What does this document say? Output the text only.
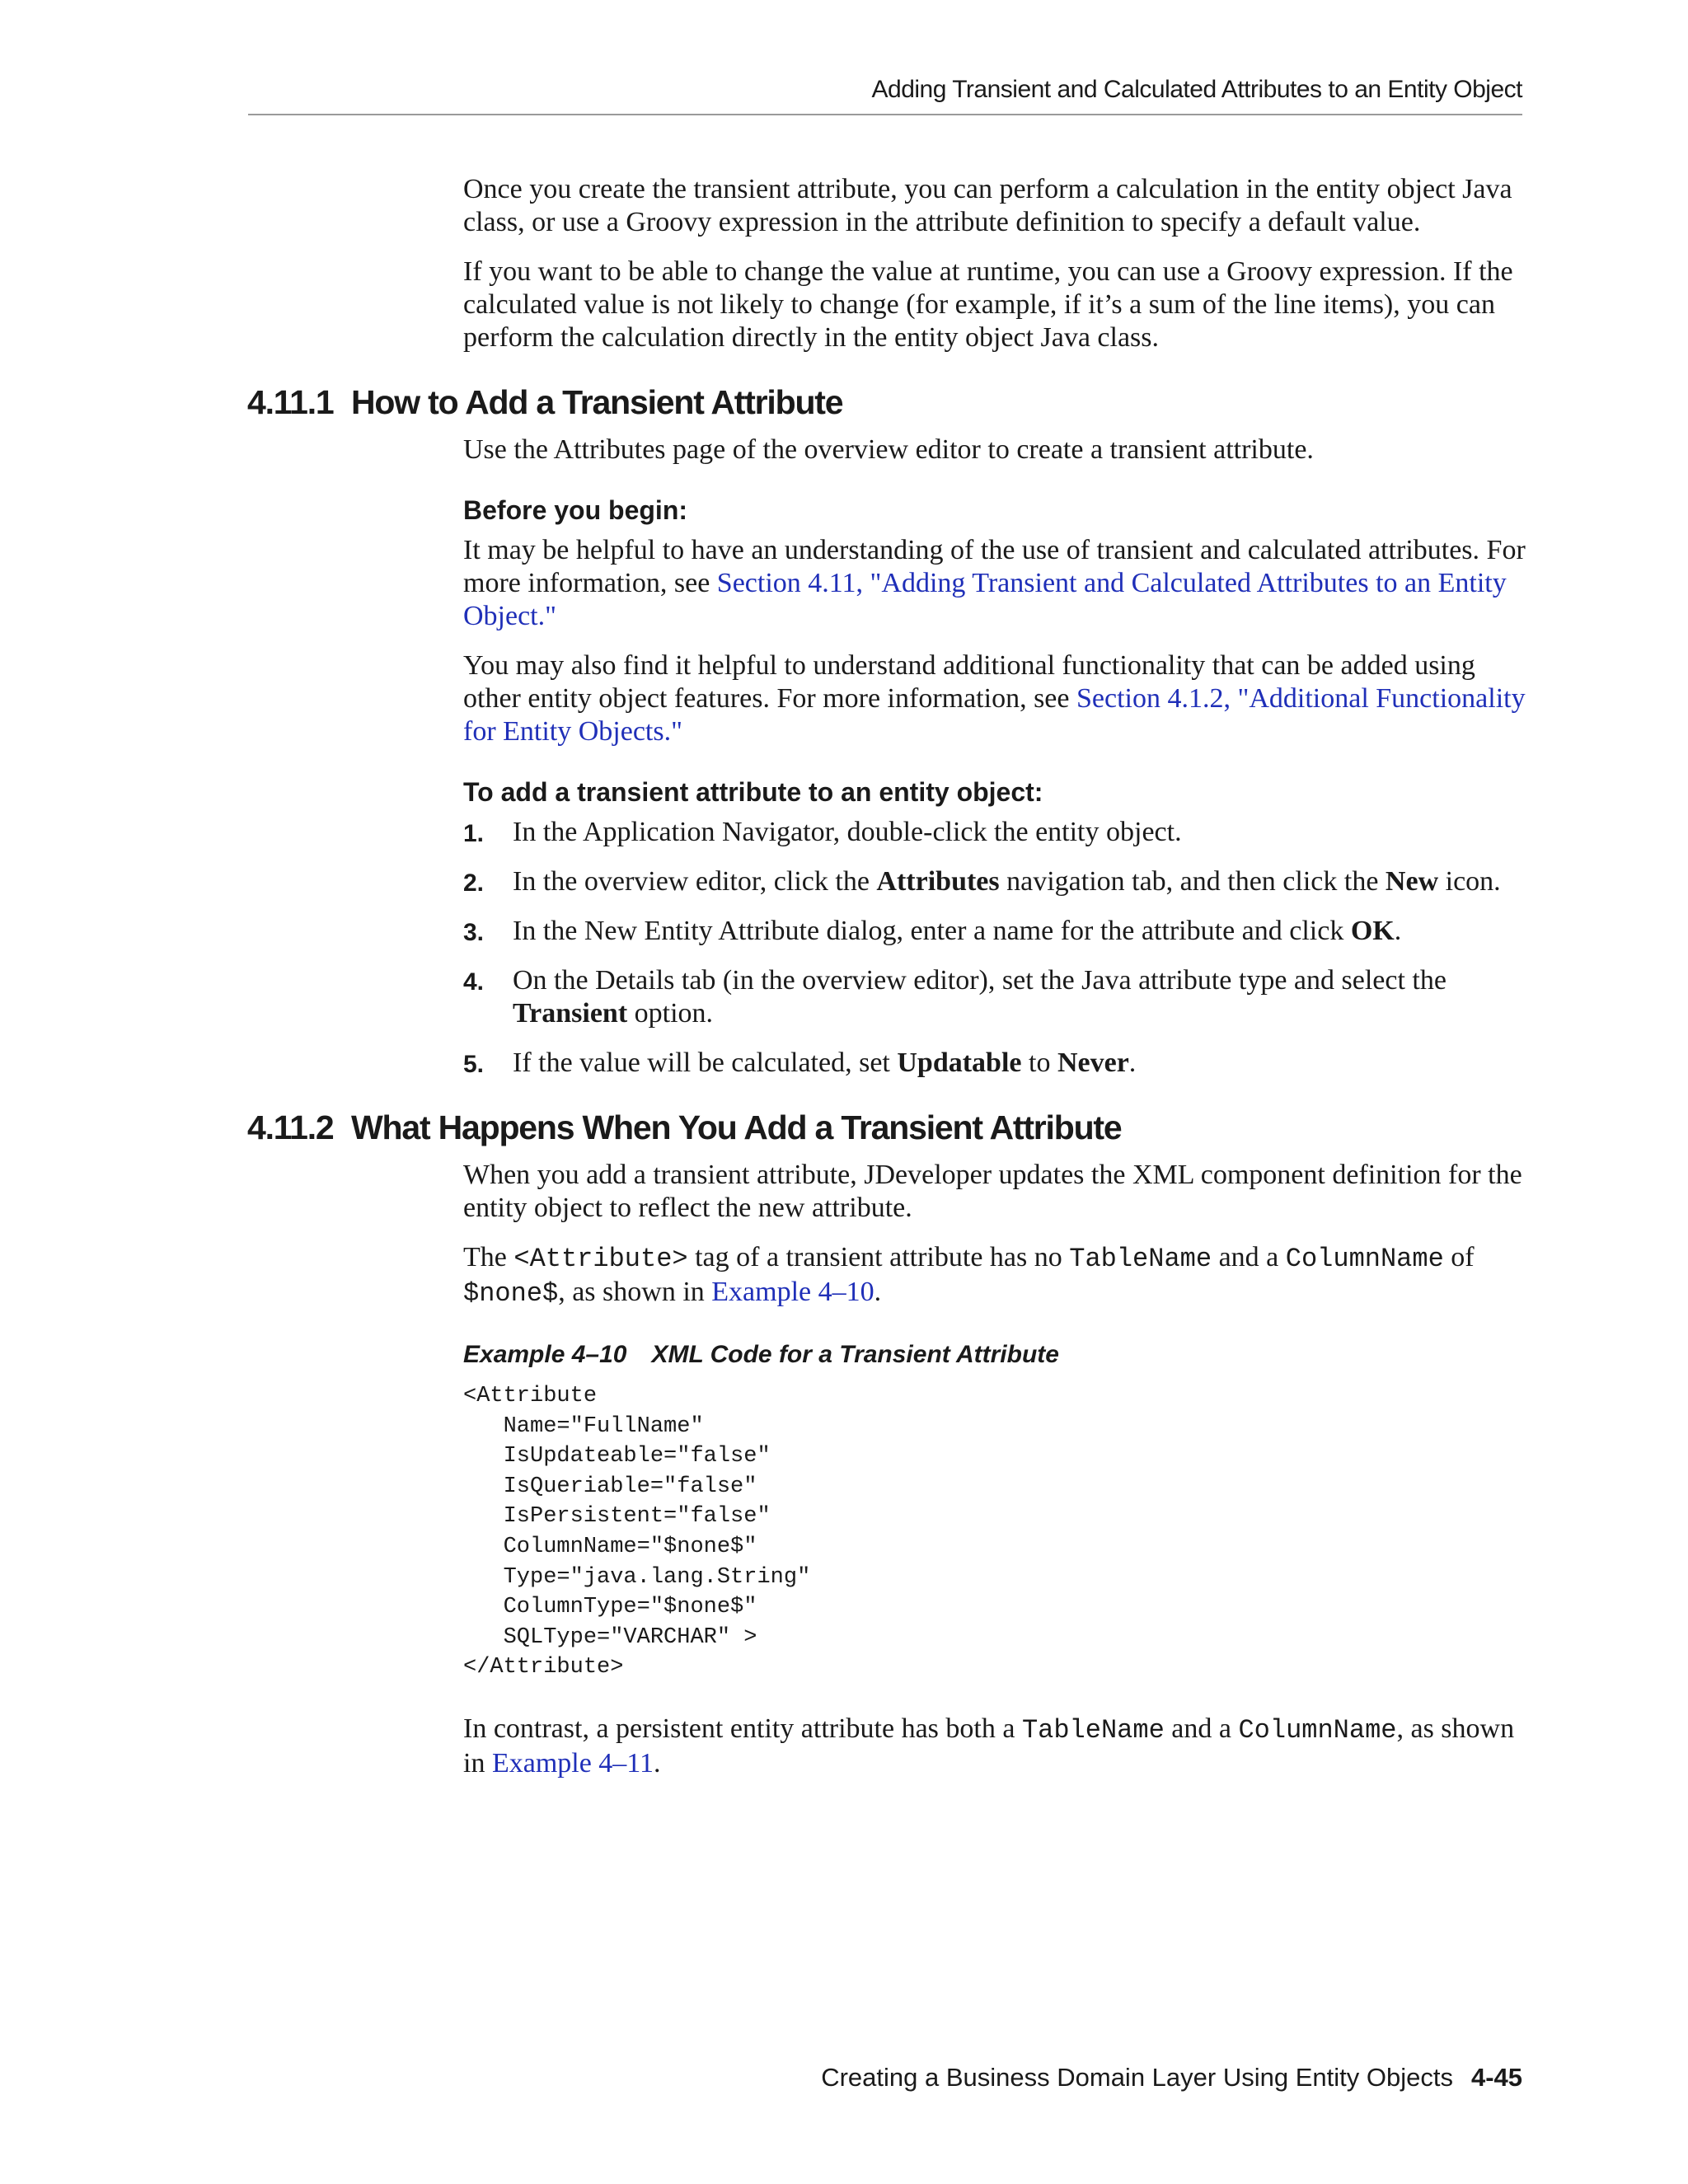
Adding Transient and Calculated Attributes to an Entity Object

Once you create the transient attribute, you can perform a calculation in the entity object Java class, or use a Groovy expression in the attribute definition to specify a default value.

If you want to be able to change the value at runtime, you can use a Groovy expression. If the calculated value is not likely to change (for example, if it’s a sum of the line items), you can perform the calculation directly in the entity object Java class.

4.11.1 How to Add a Transient Attribute

Use the Attributes page of the overview editor to create a transient attribute.

Before you begin:

It may be helpful to have an understanding of the use of transient and calculated attributes. For more information, see Section 4.11, "Adding Transient and Calculated Attributes to an Entity Object."

You may also find it helpful to understand additional functionality that can be added using other entity object features. For more information, see Section 4.1.2, "Additional Functionality for Entity Objects."

To add a transient attribute to an entity object:
1. In the Application Navigator, double-click the entity object.
2. In the overview editor, click the Attributes navigation tab, and then click the New icon.
3. In the New Entity Attribute dialog, enter a name for the attribute and click OK.
4. On the Details tab (in the overview editor), set the Java attribute type and select the Transient option.
5. If the value will be calculated, set Updatable to Never.
4.11.2 What Happens When You Add a Transient Attribute

When you add a transient attribute, JDeveloper updates the XML component definition for the entity object to reflect the new attribute.

The <Attribute> tag of a transient attribute has no TableName and a ColumnName of $none$, as shown in Example 4–10.

Example 4–10 XML Code for a Transient Attribute
<Attribute
Name="FullName"
IsUpdateable="false"
IsQueriable="false"
IsPersistent="false"
ColumnName="$none$"
Type="java.lang.String"
ColumnType="$none$"
SQLType="VARCHAR" >
</Attribute>

In contrast, a persistent entity attribute has both a TableName and a ColumnName, as shown in Example 4–11.

Creating a Business Domain Layer Using Entity Objects 4-45
